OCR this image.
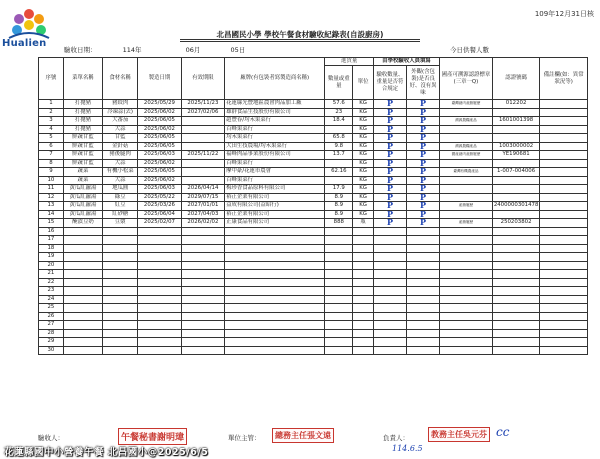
Hualien
109年12月31日核
北昌國民小學 學校午餐食材驗收紀錄表(自設廚房)
驗收日期：	114年	06月	05日	今日供餐人數
序號	菜單名稱	食材名稱	製造日期	有效期限	廠牌(有包裝者寫製造商名稱)	進貨量		由學校驗收人員填寫		國產可溯源認證標章(三章一Q)	認證號碼	備註欄(如：異常狀況等)
						數量或重量	單位	驗收數量、重量是否符合規定	外觀(含包裝)是否良好、沒有異味			
1	打拋豬	豬絞肉	2025/05/29	2025/11/23	花蓮縣光豐地區農會肉品加工廠	57.6	KG	P	P	臺灣豬肉產銷履歷	012202	
2	打拋豬	冷凍蒜(去)	2025/06/02	2027/02/06	雄群食品生技股份有限公司	23	KG	P	P			
3	打拋豬	大番茄	2025/06/05		趙豐春/均禾果菜行	18.4	KG	P	P	溯源農糧產品	1601001398	
4	打拋豬	大蒜	2025/06/02		百峰果菜行		KG	P	P			
5	鮮蔬甘藍	甘藍	2025/06/05		均禾果菜行	65.8	KG	P	P			
6	鮮蔬甘藍	金針菇	2025/06/05		大田生技農場/均禾果菜行	9.8	KG	P	P	溯源農糧產品	1003000002	
7	鮮蔬甘藍	豬後腿肉	2025/06/03	2025/11/22	福峰肉品事業股份有限公司	13.7	KG	P	P	國產豬肉產銷履歷	YE190681	
8	鮮蔬甘藍	大蒜	2025/06/02		百峰果菜行		KG	P	P			
9	蔬菜	有機小松菜	2025/06/05		摩中豪/花蓮市農會	62.16	KG	P	P	臺灣有機農產品	1-007-004006	
10	蔬菜	大蒜	2025/06/02		百峰果菜行		KG	P	P			
11	黃瓜紅蘿湯	地瓜圓	2025/06/03	2026/04/14	梅珍香食品原料有限公司	17.9	KG	P	P			
12	黃瓜紅蘿湯	綠豆	2025/05/22	2029/07/15	裕正企業有限公司	8.9	KG	P	P			
13	黃瓜紅蘿湯	紅豆	2025/03/26	2027/01/01	益成有限公司(益昭行)	8.9	KG	P	P	產銷履歷	2400000301478	
14	黃瓜紅蘿湯	紅砂糖	2025/06/04	2027/04/03	裕正企業有限公司	8.9	KG	P	P			
15	醃漬豆奶	豆漿	2025/02/07	2026/02/02	正康食品有限公司	888	瓶	P	P	產銷履歷	250203802	
16												
17												
18												
19												
20												
21												
22												
23												
24												
25												
26												
27												
28												
29												
30												
驗收人：	單位主管：	負責人：
午餐秘書謝明瑋	總務主任張文遠	教務主任吳元芬 cc
114.6.5
花蓮縣國中小營養午餐 北昌國小@2025/6/5
